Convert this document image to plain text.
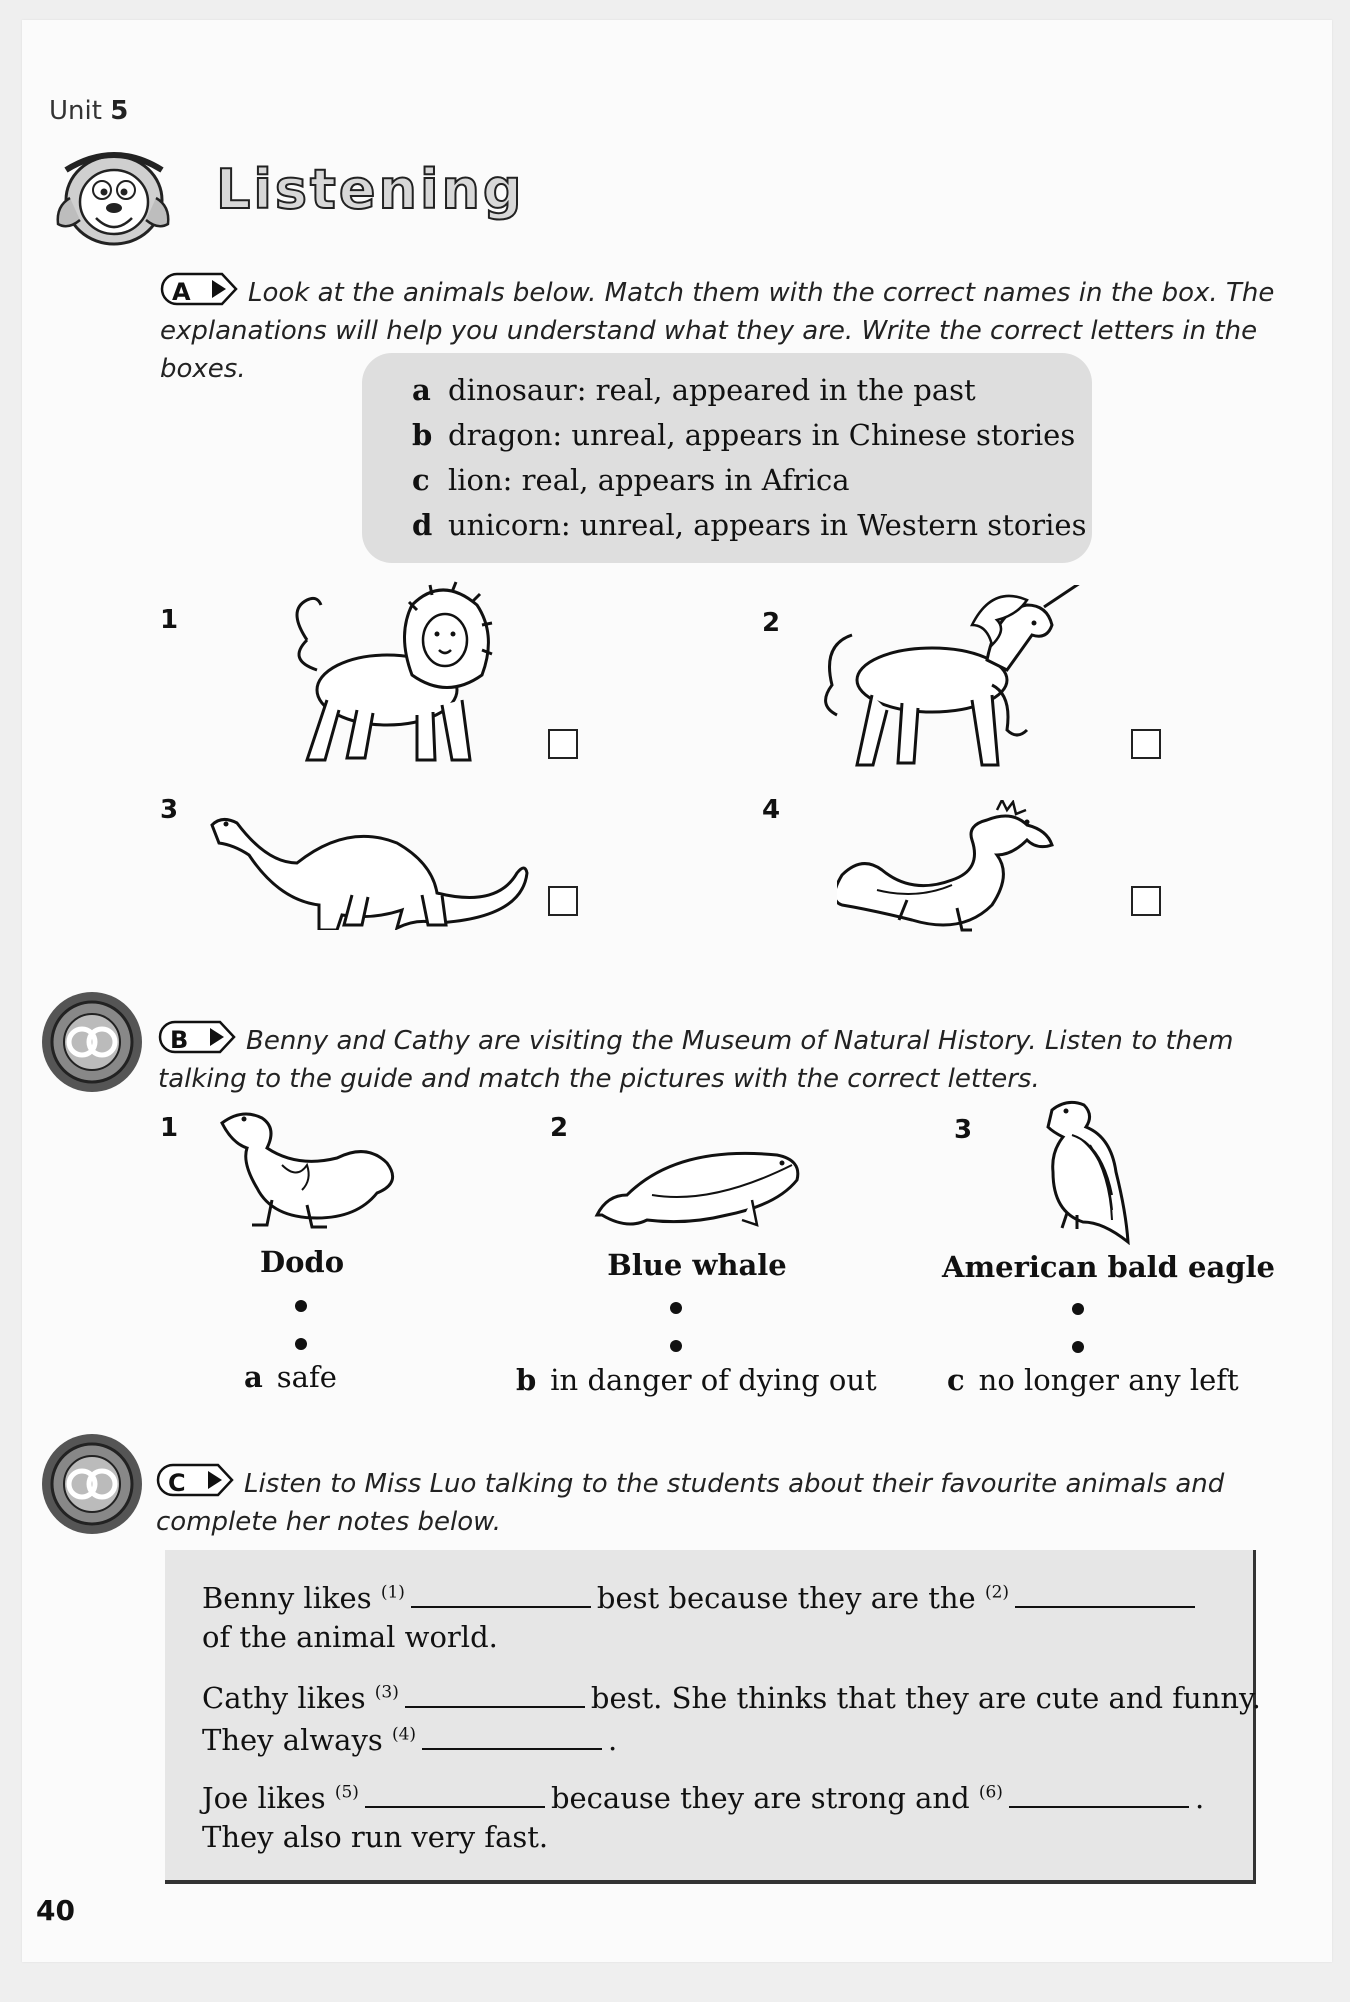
Unit 5
Listening
A Look at the animals below. Match them with the correct names in the box. The
explanations will help you understand what they are. Write the correct letters in the boxes.
a dinosaur: real, appeared in the past
b dragon: unreal, appears in Chinese stories
c lion: real, appears in Africa
d unicorn: unreal, appears in Western stories
1	2
3	4
B Benny and Cathy are visiting the Museum of Natural History. Listen to them
talking to the guide and match the pictures with the correct letters.
1
Dodo
a safe
2
Blue whale
b in danger of dying out
3
American bald eagle
c no longer any left
C Listen to Miss Luo talking to the students about their favourite animals and
complete her notes below.
Benny likes $^{(1)}$	best because they are the $^{(2)}$
of the animal world.
Cathy likes $^{(3)}$	best. She thinks that they are cute and funny.
They always $^{(4)}$	.
Joe likes $^{(5)}$	because they are strong and $^{(6)}$	.
They also run very fast.
40
